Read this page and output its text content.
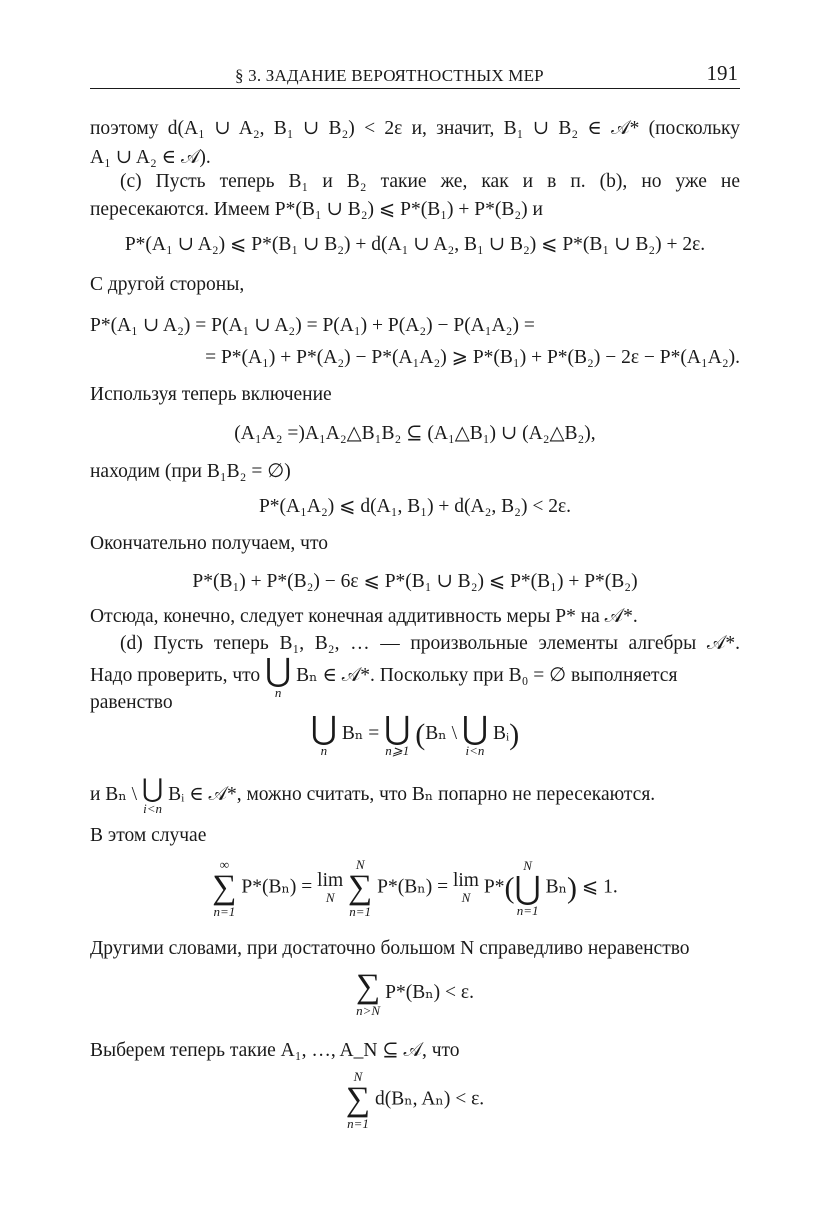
§ 3. ЗАДАНИЕ ВЕРОЯТНОСТНЫХ МЕР	191
поэтому d(A₁ ∪ A₂, B₁ ∪ B₂) < 2ε и, значит, B₁ ∪ B₂ ∈ 𝒜* (поскольку
A₁ ∪ A₂ ∈ 𝒜).
(c) Пусть теперь B₁ и B₂ такие же, как и в п. (b), но уже не
пересекаются. Имеем P*(B₁ ∪ B₂) ⩽ P*(B₁) + P*(B₂) и
P*(A₁ ∪ A₂) ⩽ P*(B₁ ∪ B₂) + d(A₁ ∪ A₂, B₁ ∪ B₂) ⩽ P*(B₁ ∪ B₂) + 2ε.
С другой стороны,
P*(A₁ ∪ A₂) = P(A₁ ∪ A₂) = P(A₁) + P(A₂) − P(A₁A₂) =
= P*(A₁) + P*(A₂) − P*(A₁A₂) ⩾ P*(B₁) + P*(B₂) − 2ε − P*(A₁A₂).
Используя теперь включение
(A₁A₂ =)A₁A₂△B₁B₂ ⊆ (A₁△B₁) ∪ (A₂△B₂),
находим (при B₁B₂ = ∅)
P*(A₁A₂) ⩽ d(A₁, B₁) + d(A₂, B₂) < 2ε.
Окончательно получаем, что
P*(B₁) + P*(B₂) − 6ε ⩽ P*(B₁ ∪ B₂) ⩽ P*(B₁) + P*(B₂)
Отсюда, конечно, следует конечная аддитивность меры P* на 𝒜*.
(d) Пусть теперь B₁, B₂, … — произвольные элементы алгебры 𝒜*.
Надо проверить, что ⋃
n
Bₙ ∈ 𝒜*. Поскольку при B₀ = ∅ выполняется
равенство
⋃
n
Bₙ = ⋃
n⩾1 (Bₙ \ ⋃
i<n
Bᵢ)
и Bₙ \ ⋃
i<n
Bᵢ ∈ 𝒜*, можно считать, что Bₙ попарно не пересекаются.
В этом случае
∞
∑
n=1
P*(Bₙ) = lim
N

N
∑
n=1
P*(Bₙ) = lim
N
P*(
N
⋃
n=1
Bₙ) ⩽ 1.
Другими словами, при достаточно большом N справедливо неравенство
∑
n>N
P*(Bₙ) < ε.
Выберем теперь такие A₁, …, A_N ⊆ 𝒜, что
N
∑
n=1
d(Bₙ, Aₙ) < ε.
